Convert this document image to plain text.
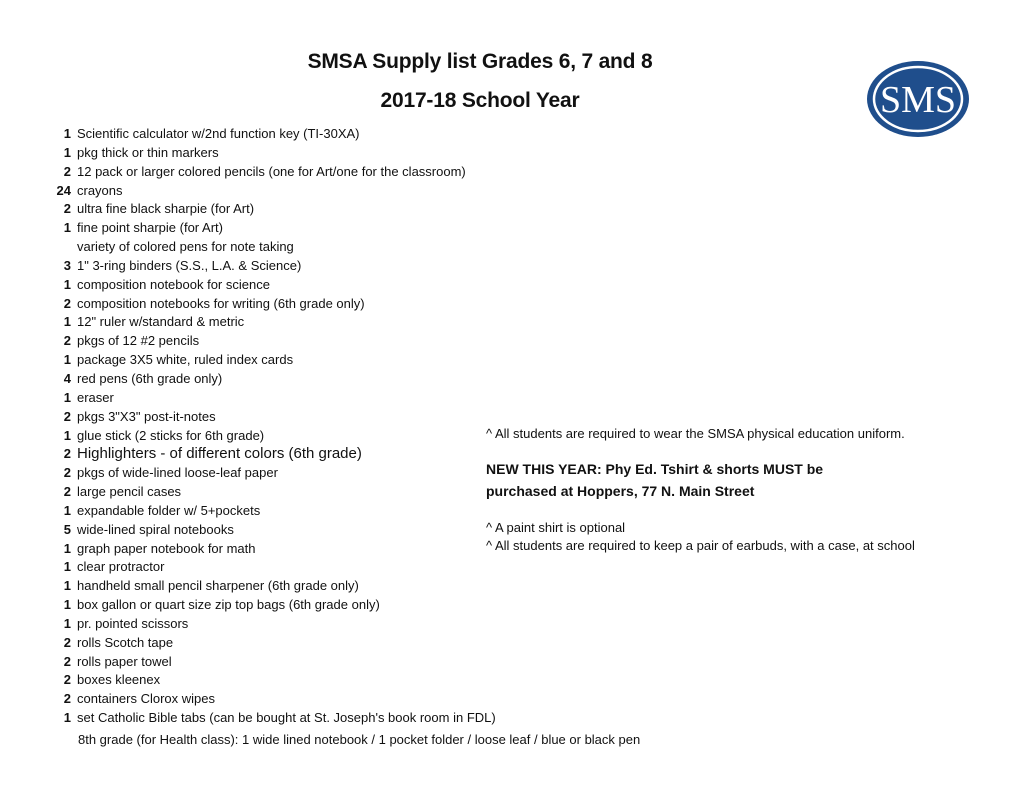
SMSA Supply list Grades 6, 7 and 8
2017-18 School Year	SMS
1 Scientific calculator w/2nd function key (TI-30XA)
1 pkg thick or thin markers
2 12 pack or larger colored pencils (one for Art/one for the classroom)
24 crayons
2 ultra fine black sharpie (for Art)
1 fine point sharpie (for Art)
variety of colored pens for note taking
3 1" 3-ring binders (S.S., L.A. & Science)
1 composition notebook for science
2 composition notebooks for writing (6th grade only)
1 12" ruler w/standard & metric
2 pkgs of 12 #2 pencils
1 package 3X5 white, ruled index cards
4 red pens (6th grade only)
1 eraser
2 pkgs 3"X3" post-it-notes
1 glue stick (2 sticks for 6th grade)
2 Highlighters - of different colors (6th grade)
2 pkgs of wide-lined loose-leaf paper
2 large pencil cases
1 expandable folder w/ 5+pockets
5 wide-lined spiral notebooks
1 graph paper notebook for math
1 clear protractor
1 handheld small pencil sharpener (6th grade only)
1 box gallon or quart size zip top bags (6th grade only)
1 pr. pointed scissors
2 rolls Scotch tape
2 rolls paper towel
2 boxes kleenex
2 containers Clorox wipes
1 set Catholic Bible tabs (can be bought at St. Joseph's book room in FDL)
8th grade (for Health class): 1 wide lined notebook / 1 pocket folder / loose leaf / blue or black pen

^ All students are required to wear the SMSA physical education uniform.

NEW THIS YEAR: Phy Ed. Tshirt & shorts MUST be

purchased at Hoppers, 77 N. Main Street

^ A paint shirt is optional

^ All students are required to keep a pair of earbuds, with a case, at school
